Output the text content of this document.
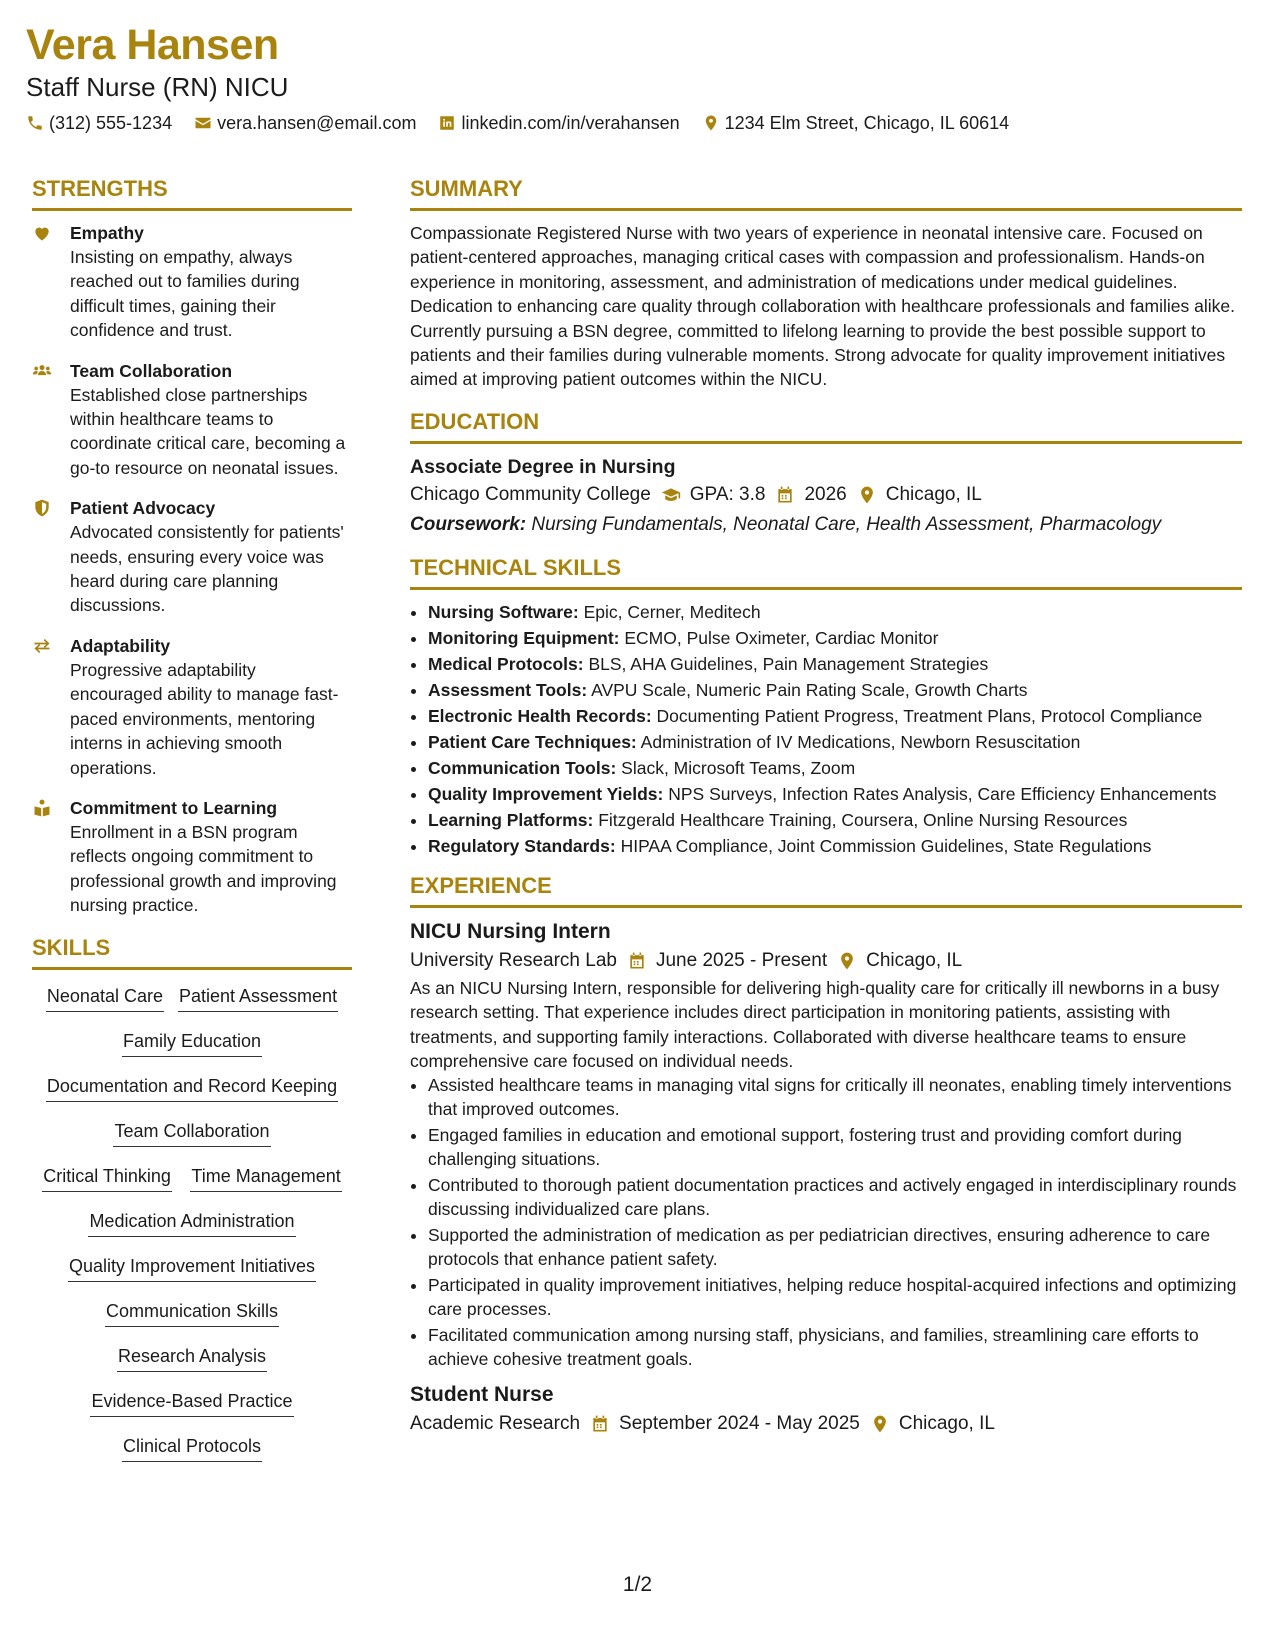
Vera Hansen
Staff Nurse (RN) NICU
(312) 555-1234	vera.hansen@email.com	linkedin.com/in/verahansen	1234 Elm Street, Chicago, IL 60614
STRENGTHS
Empathy
Insisting on empathy, always reached out to families during difficult times, gaining their confidence and trust.
Team Collaboration
Established close partnerships within healthcare teams to coordinate critical care, becoming a go-to resource on neonatal issues.
Patient Advocacy
Advocated consistently for patients' needs, ensuring every voice was heard during care planning discussions.
Adaptability
Progressive adaptability encouraged ability to manage fast-paced environments, mentoring interns in achieving smooth operations.
Commitment to Learning
Enrollment in a BSN program reflects ongoing commitment to professional growth and improving nursing practice.
SKILLS
Neonatal Care Patient Assessment Family Education Documentation and Record Keeping Team Collaboration Critical Thinking Time Management Medication Administration Quality Improvement Initiatives Communication Skills Research Analysis Evidence-Based Practice Clinical Protocols
SUMMARY

Compassionate Registered Nurse with two years of experience in neonatal intensive care. Focused on patient-centered approaches, managing critical cases with compassion and professionalism. Hands-on experience in monitoring, assessment, and administration of medications under medical guidelines. Dedication to enhancing care quality through collaboration with healthcare professionals and families alike. Currently pursuing a BSN degree, committed to lifelong learning to provide the best possible support to patients and their families during vulnerable moments. Strong advocate for quality improvement initiatives aimed at improving patient outcomes within the NICU.

EDUCATION
Associate Degree in Nursing
Chicago Community College GPA: 3.8 2026 Chicago, IL
Coursework: Nursing Fundamentals, Neonatal Care, Health Assessment, Pharmacology
TECHNICAL SKILLS
• Nursing Software: Epic, Cerner, Meditech
• Monitoring Equipment: ECMO, Pulse Oximeter, Cardiac Monitor
• Medical Protocols: BLS, AHA Guidelines, Pain Management Strategies
• Assessment Tools: AVPU Scale, Numeric Pain Rating Scale, Growth Charts
• Electronic Health Records: Documenting Patient Progress, Treatment Plans, Protocol Compliance
• Patient Care Techniques: Administration of IV Medications, Newborn Resuscitation
• Communication Tools: Slack, Microsoft Teams, Zoom
• Quality Improvement Yields: NPS Surveys, Infection Rates Analysis, Care Efficiency Enhancements
• Learning Platforms: Fitzgerald Healthcare Training, Coursera, Online Nursing Resources
• Regulatory Standards: HIPAA Compliance, Joint Commission Guidelines, State Regulations
EXPERIENCE
NICU Nursing Intern
University Research Lab June 2025 - Present Chicago, IL

As an NICU Nursing Intern, responsible for delivering high-quality care for critically ill newborns in a busy research setting. That experience includes direct participation in monitoring patients, assisting with treatments, and supporting family interactions. Collaborated with diverse healthcare teams to ensure comprehensive care focused on individual needs.

• Assisted healthcare teams in managing vital signs for critically ill neonates, enabling timely interventions that improved outcomes.
• Engaged families in education and emotional support, fostering trust and providing comfort during challenging situations.
• Contributed to thorough patient documentation practices and actively engaged in interdisciplinary rounds discussing individualized care plans.
• Supported the administration of medication as per pediatrician directives, ensuring adherence to care protocols that enhance patient safety.
• Participated in quality improvement initiatives, helping reduce hospital-acquired infections and optimizing care processes.
• Facilitated communication among nursing staff, physicians, and families, streamlining care efforts to achieve cohesive treatment goals.
Student Nurse
Academic Research September 2024 - May 2025 Chicago, IL
1/2
